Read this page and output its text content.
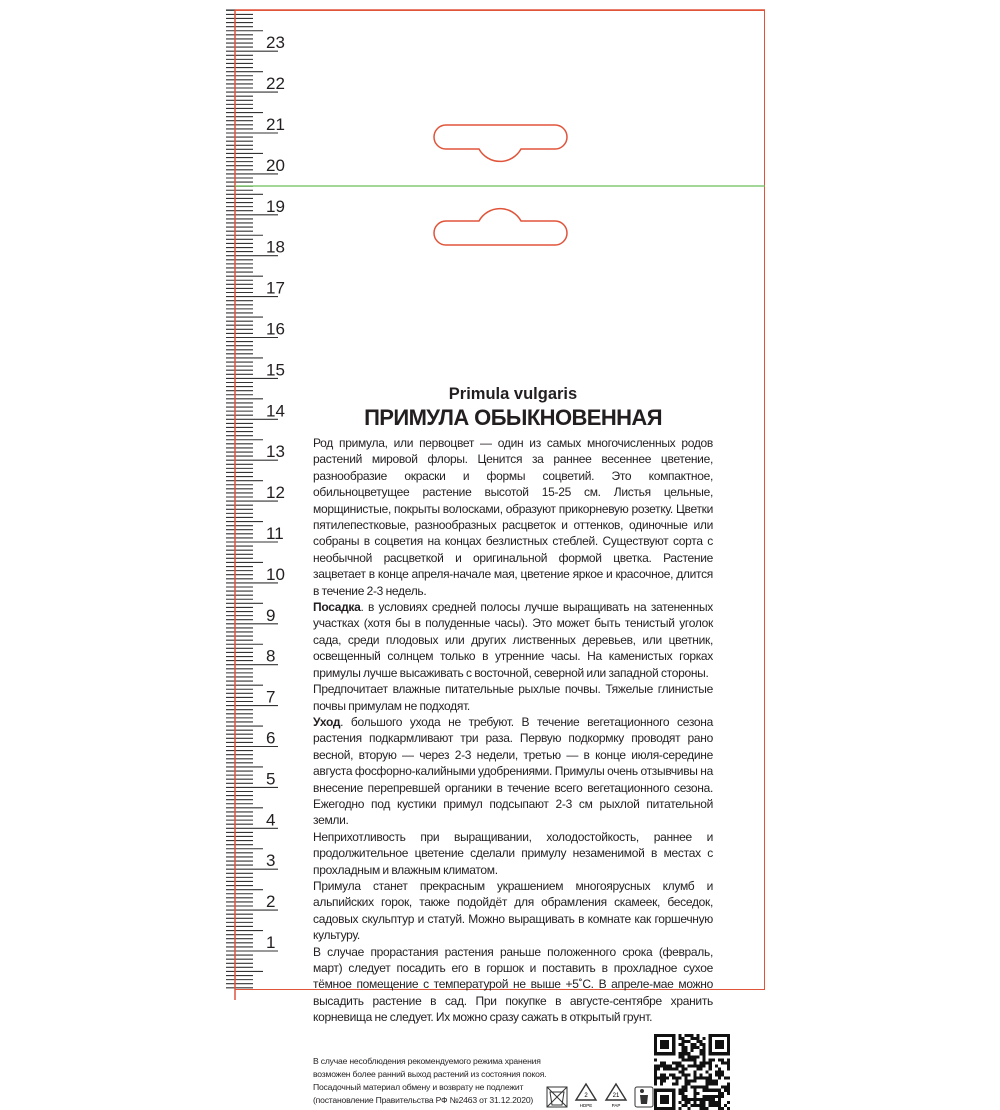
1
2
3
4
5
6
7
8
9
10
11
12
13
14
15
16
17
18
19
20
21
22
23
Primula vulgaris
ПРИМУЛА ОБЫКНОВЕННАЯ

Род примула, или первоцвет — один из самых многочисленных родов растений мировой флоры. Ценится за раннее весеннее цветение, разнообразие окраски и формы соцветий. Это компактное, обильноцветущее растение высотой 15-25 см. Листья цельные, морщинистые, покрыты волосками, образуют прикорневую розетку. Цветки пятилепестковые, разнообразных расцветок и оттенков, одиночные или собраны в соцветия на концах безлистных стеблей. Существуют сорта с необычной расцветкой и оригинальной формой цветка. Растение зацветает в конце апреля-начале мая, цветение яркое и красочное, длится в течение 2-3 недель.

Посадка. в условиях средней полосы лучше выращивать на затененных участках (хотя бы в полуденные часы). Это может быть тенистый уголок сада, среди плодовых или других лиственных деревьев, или цветник, освещенный солнцем только в утренние часы. На каменистых горках примулы лучше высаживать с восточной, северной или западной стороны.

Предпочитает влажные питательные рыхлые почвы. Тяжелые глинистые почвы примулам не подходят.

Уход. большого ухода не требуют. В течение вегетационного сезона растения подкармливают три раза. Первую подкормку проводят рано весной, вторую — через 2-3 недели, третью — в конце июля-середине августа фосфорно-калийными удобрениями. Примулы очень отзывчивы на внесение перепревшей органики в течение всего вегетационного сезона. Ежегодно под кустики примул подсыпают 2-3 см рыхлой питательной земли.

Неприхотливость при выращивании, холодостойкость, раннее и продолжительное цветение сделали примулу незаменимой в местах с прохладным и влажным климатом.

Примула станет прекрасным украшением многоярусных клумб и альпийских горок, также подойдёт для обрамления скамеек, беседок, садовых скульптур и статуй. Можно выращивать в комнате как горшечную культуру.

В случае прорастания растения раньше положенного срока (февраль, март) следует посадить его в горшок и поставить в прохладное сухое тёмное помещение с температурой не выше +5˚С. В апреле-мае можно высадить растение в сад. При покупке в августе-сентябре хранить корневища не следует. Их можно сразу сажать в открытый грунт.

В случае несоблюдения рекомендуемого режима хранения
возможен более ранний выход растений из состояния покоя.
Посадочный материал обмену и возврату не подлежит
(постановление Правительства РФ №2463 от 31.12.2020)	2
HDPE
21
PAP
